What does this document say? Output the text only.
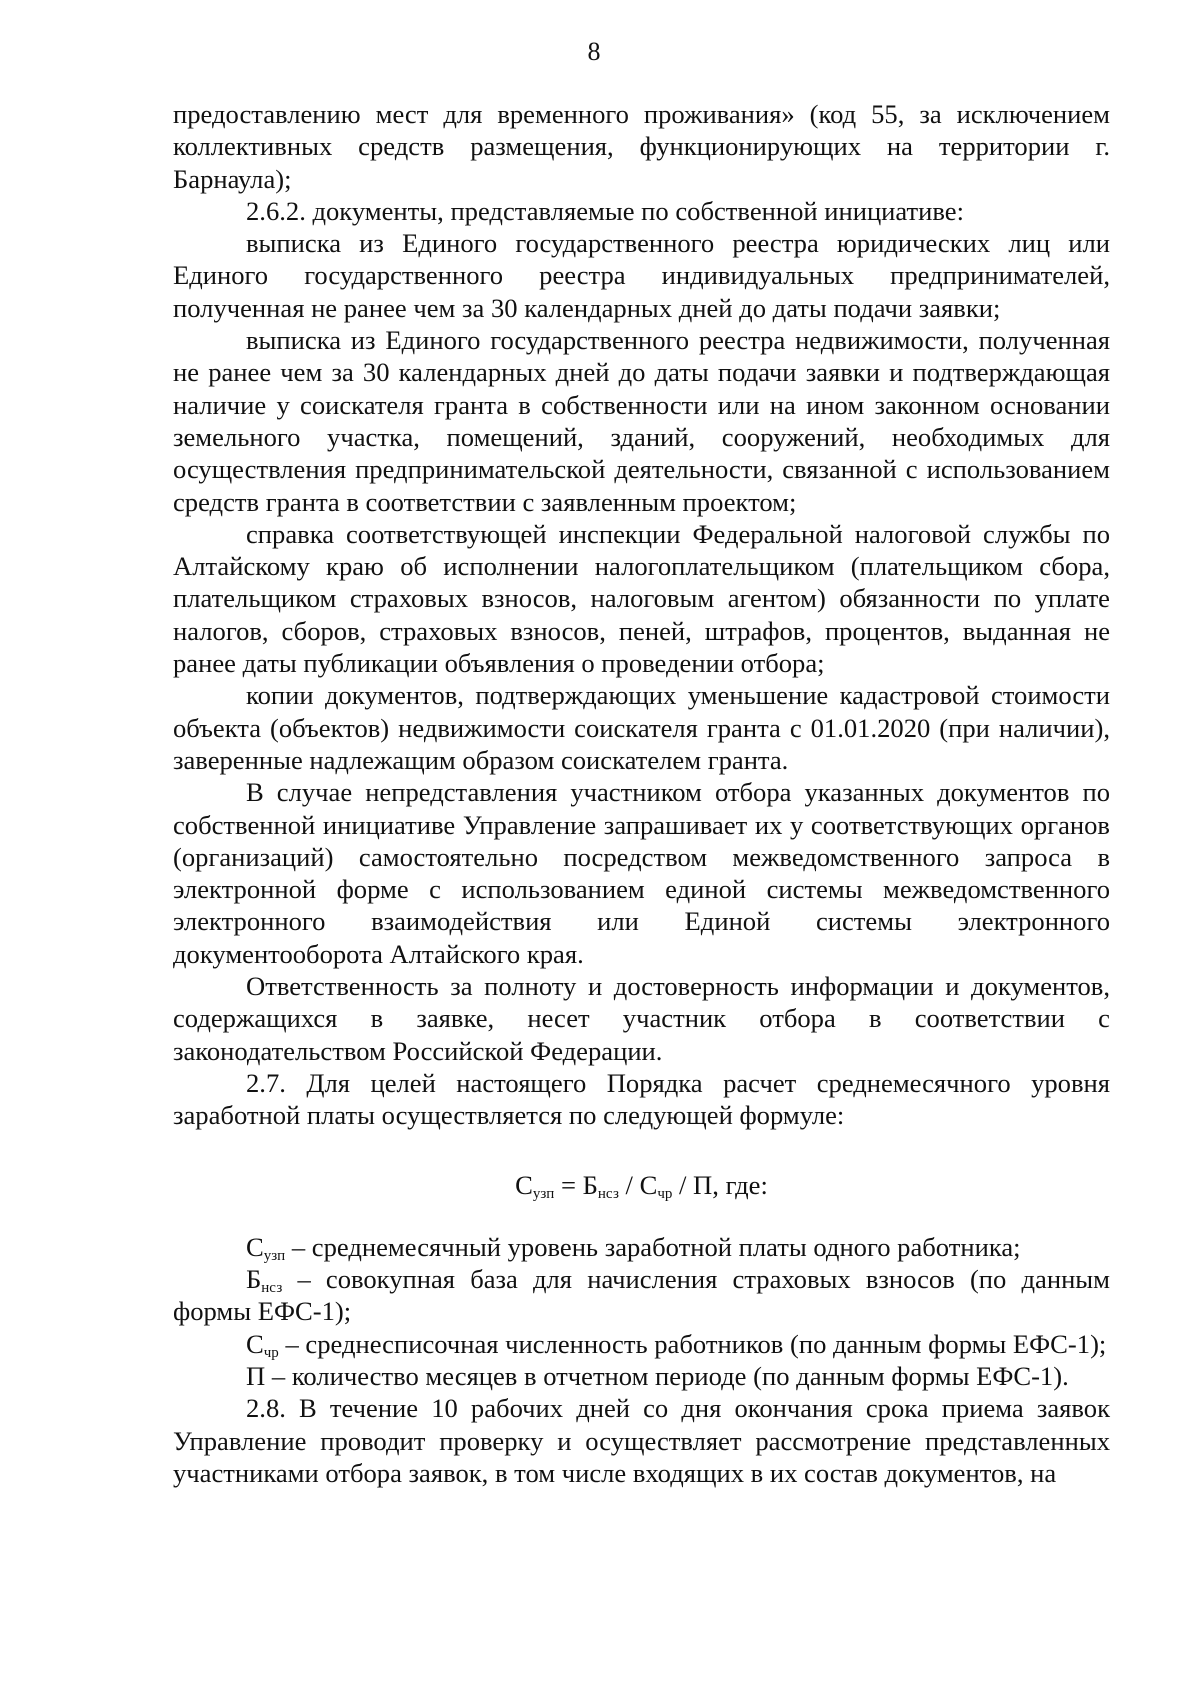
8

предоставлению мест для временного проживания» (код 55, за исключением коллективных средств размещения, функционирующих на территории г. Барнаула);

2.6.2. документы, представляемые по собственной инициативе:

выписка из Единого государственного реестра юридических лиц или Единого государственного реестра индивидуальных предпринимателей, полученная не ранее чем за 30 календарных дней до даты подачи заявки;

выписка из Единого государственного реестра недвижимости, полученная не ранее чем за 30 календарных дней до даты подачи заявки и подтверждающая наличие у соискателя гранта в собственности или на ином законном основании земельного участка, помещений, зданий, сооружений, необходимых для осуществления предпринимательской деятельности, связанной с использованием средств гранта в соответствии с заявленным проектом;

справка соответствующей инспекции Федеральной налоговой службы по Алтайскому краю об исполнении налогоплательщиком (плательщиком сбора, плательщиком страховых взносов, налоговым агентом) обязанности по уплате налогов, сборов, страховых взносов, пеней, штрафов, процентов, выданная не ранее даты публикации объявления о проведении отбора;

копии документов, подтверждающих уменьшение кадастровой стоимости объекта (объектов) недвижимости соискателя гранта с 01.01.2020 (при наличии), заверенные надлежащим образом соискателем гранта.

В случае непредставления участником отбора указанных документов по собственной инициативе Управление запрашивает их у соответствующих органов (организаций) самостоятельно посредством межведомственного запроса в электронной форме с использованием единой системы межведомственного электронного взаимодействия или Единой системы электронного документооборота Алтайского края.

Ответственность за полноту и достоверность информации и документов, содержащихся в заявке, несет участник отбора в соответствии с законодательством Российской Федерации.

2.7. Для целей настоящего Порядка расчет среднемесячного уровня заработной платы осуществляется по следующей формуле:

$С_{узп} = Б_{нсз} / С_{чр} / П$, где:

$С_{узп}$ – среднемесячный уровень заработной платы одного работника;

$Б_{нсз}$ – совокупная база для начисления страховых взносов (по данным формы ЕФС-1);

$С_{чр}$ – среднесписочная численность работников (по данным формы ЕФС-1);

П – количество месяцев в отчетном периоде (по данным формы ЕФС-1).

2.8. В течение 10 рабочих дней со дня окончания срока приема заявок Управление проводит проверку и осуществляет рассмотрение представленных участниками отбора заявок, в том числе входящих в их состав документов, на
